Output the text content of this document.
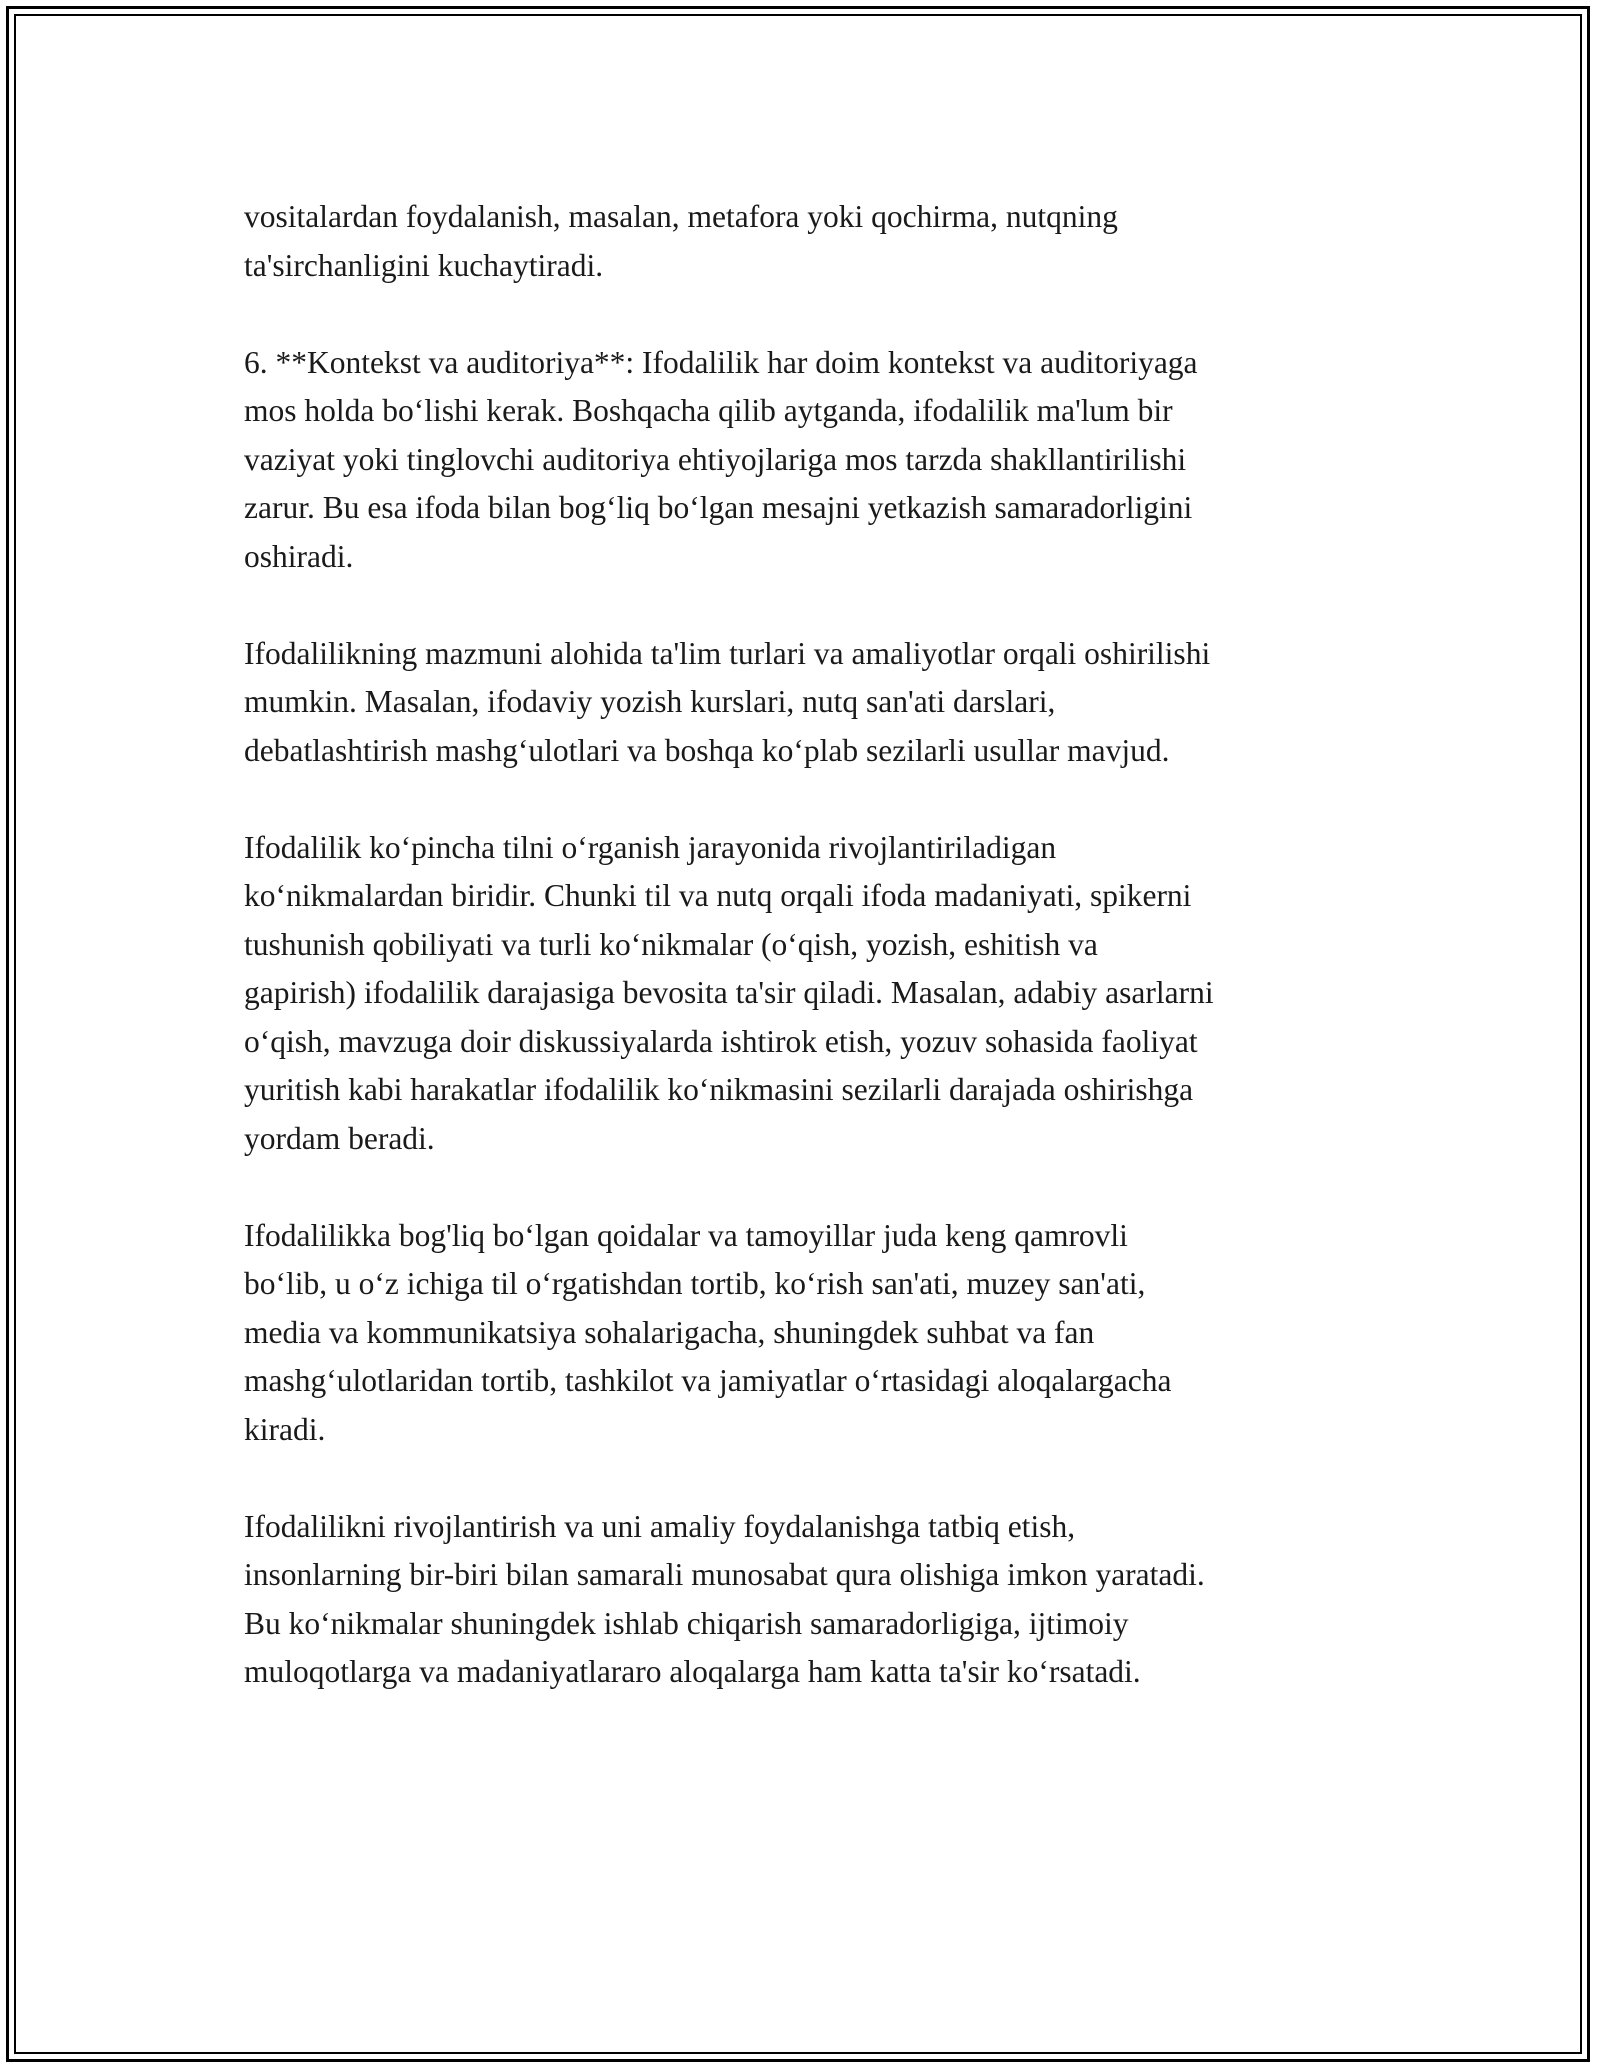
vositalardan foydalanish, masalan, metafora yoki qochirma, nutqning
ta'sirchanligini kuchaytiradi.

6. **Kontekst va auditoriya**: Ifodalilik har doim kontekst va auditoriyaga
mos holda bo‘lishi kerak. Boshqacha qilib aytganda, ifodalilik ma'lum bir
vaziyat yoki tinglovchi auditoriya ehtiyojlariga mos tarzda shakllantirilishi
zarur. Bu esa ifoda bilan bog‘liq bo‘lgan mesajni yetkazish samaradorligini
oshiradi.

Ifodalilikning mazmuni alohida ta'lim turlari va amaliyotlar orqali oshirilishi
mumkin. Masalan, ifodaviy yozish kurslari, nutq san'ati darslari,
debatlashtirish mashg‘ulotlari va boshqa ko‘plab sezilarli usullar mavjud.

Ifodalilik ko‘pincha tilni o‘rganish jarayonida rivojlantiriladigan
ko‘nikmalardan biridir. Chunki til va nutq orqali ifoda madaniyati, spikerni
tushunish qobiliyati va turli ko‘nikmalar (o‘qish, yozish, eshitish va
gapirish) ifodalilik darajasiga bevosita ta'sir qiladi. Masalan, adabiy asarlarni
o‘qish, mavzuga doir diskussiyalarda ishtirok etish, yozuv sohasida faoliyat
yuritish kabi harakatlar ifodalilik ko‘nikmasini sezilarli darajada oshirishga
yordam beradi.

Ifodalilikka bog'liq bo‘lgan qoidalar va tamoyillar juda keng qamrovli
bo‘lib, u o‘z ichiga til o‘rgatishdan tortib, ko‘rish san'ati, muzey san'ati,
media va kommunikatsiya sohalarigacha, shuningdek suhbat va fan
mashg‘ulotlaridan tortib, tashkilot va jamiyatlar o‘rtasidagi aloqalargacha
kiradi.

Ifodalilikni rivojlantirish va uni amaliy foydalanishga tatbiq etish,
insonlarning bir-biri bilan samarali munosabat qura olishiga imkon yaratadi.
Bu ko‘nikmalar shuningdek ishlab chiqarish samaradorligiga, ijtimoiy
muloqotlarga va madaniyatlararo aloqalarga ham katta ta'sir ko‘rsatadi.
